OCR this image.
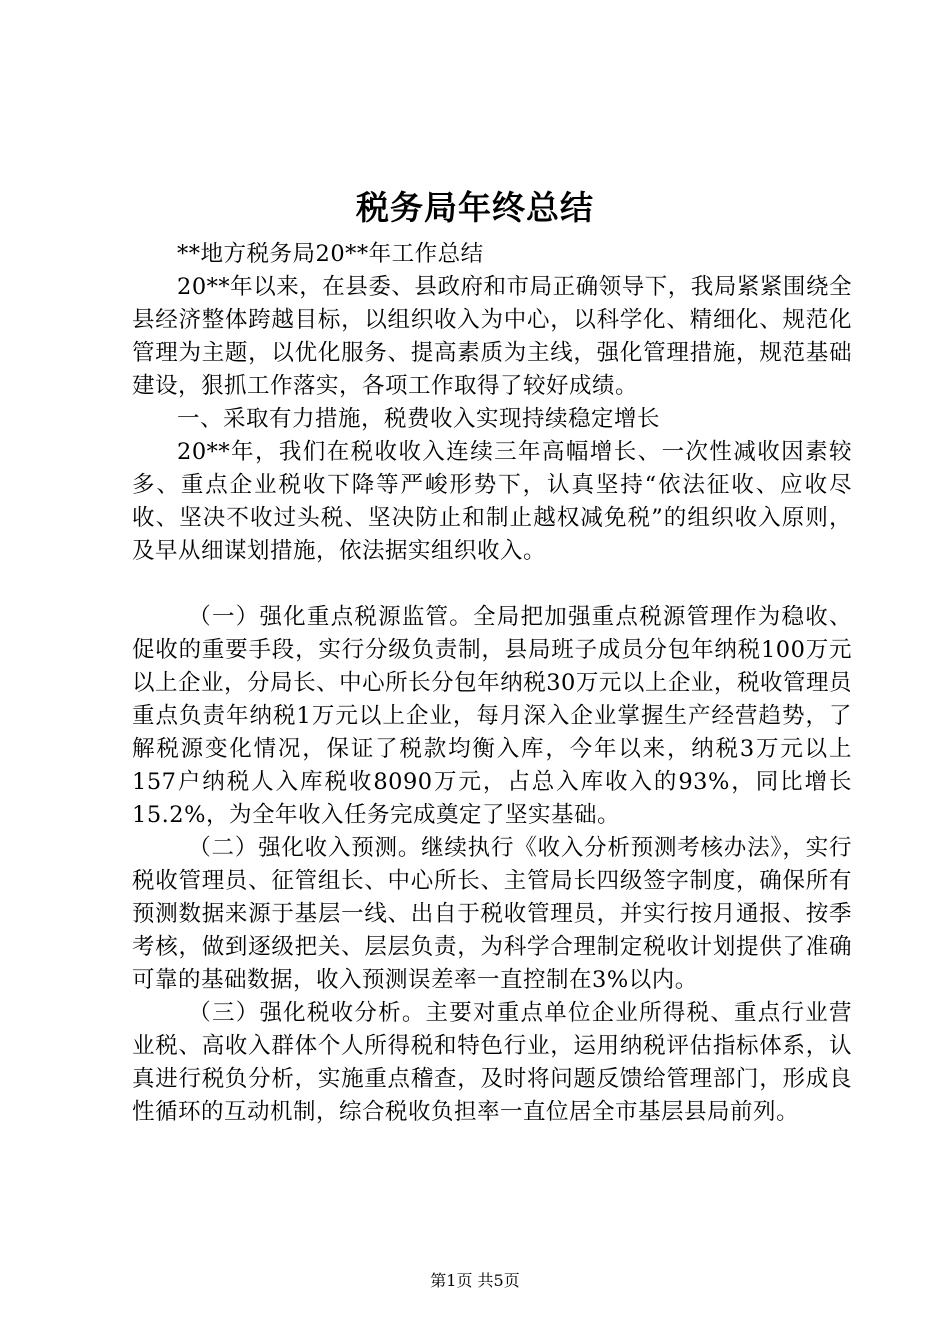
税务局年终总结

**地方税务局20**年工作总结

20**年以来，在县委、县政府和市局正确领导下，我局紧紧围绕全县经济整体跨越目标，以组织收入为中心，以科学化、精细化、规范化管理为主题，以优化服务、提高素质为主线，强化管理措施，规范基础建设，狠抓工作落实，各项工作取得了较好成绩。

一、采取有力措施，税费收入实现持续稳定增长

20**年，我们在税收收入连续三年高幅增长、一次性减收因素较多、重点企业税收下降等严峻形势下，认真坚持“依法征收、应收尽收、坚决不收过头税、坚决防止和制止越权减免税”的组织收入原则，及早从细谋划措施，依法据实组织收入。

（一）强化重点税源监管。全局把加强重点税源管理作为稳收、促收的重要手段，实行分级负责制，县局班子成员分包年纳税100万元以上企业，分局长、中心所长分包年纳税30万元以上企业，税收管理员重点负责年纳税1万元以上企业，每月深入企业掌握生产经营趋势，了解税源变化情况，保证了税款均衡入库，今年以来，纳税3万元以上157户纳税人入库税收8090万元，占总入库收入的93%，同比增长15.2%，为全年收入任务完成奠定了坚实基础。

（二）强化收入预测。继续执行《收入分析预测考核办法》，实行税收管理员、征管组长、中心所长、主管局长四级签字制度，确保所有预测数据来源于基层一线、出自于税收管理员，并实行按月通报、按季考核，做到逐级把关、层层负责，为科学合理制定税收计划提供了准确可靠的基础数据，收入预测误差率一直控制在3%以内。

（三）强化税收分析。主要对重点单位企业所得税、重点行业营业税、高收入群体个人所得税和特色行业，运用纳税评估指标体系，认真进行税负分析，实施重点稽查，及时将问题反馈给管理部门，形成良性循环的互动机制，综合税收负担率一直位居全市基层县局前列。

第1页 共5页
